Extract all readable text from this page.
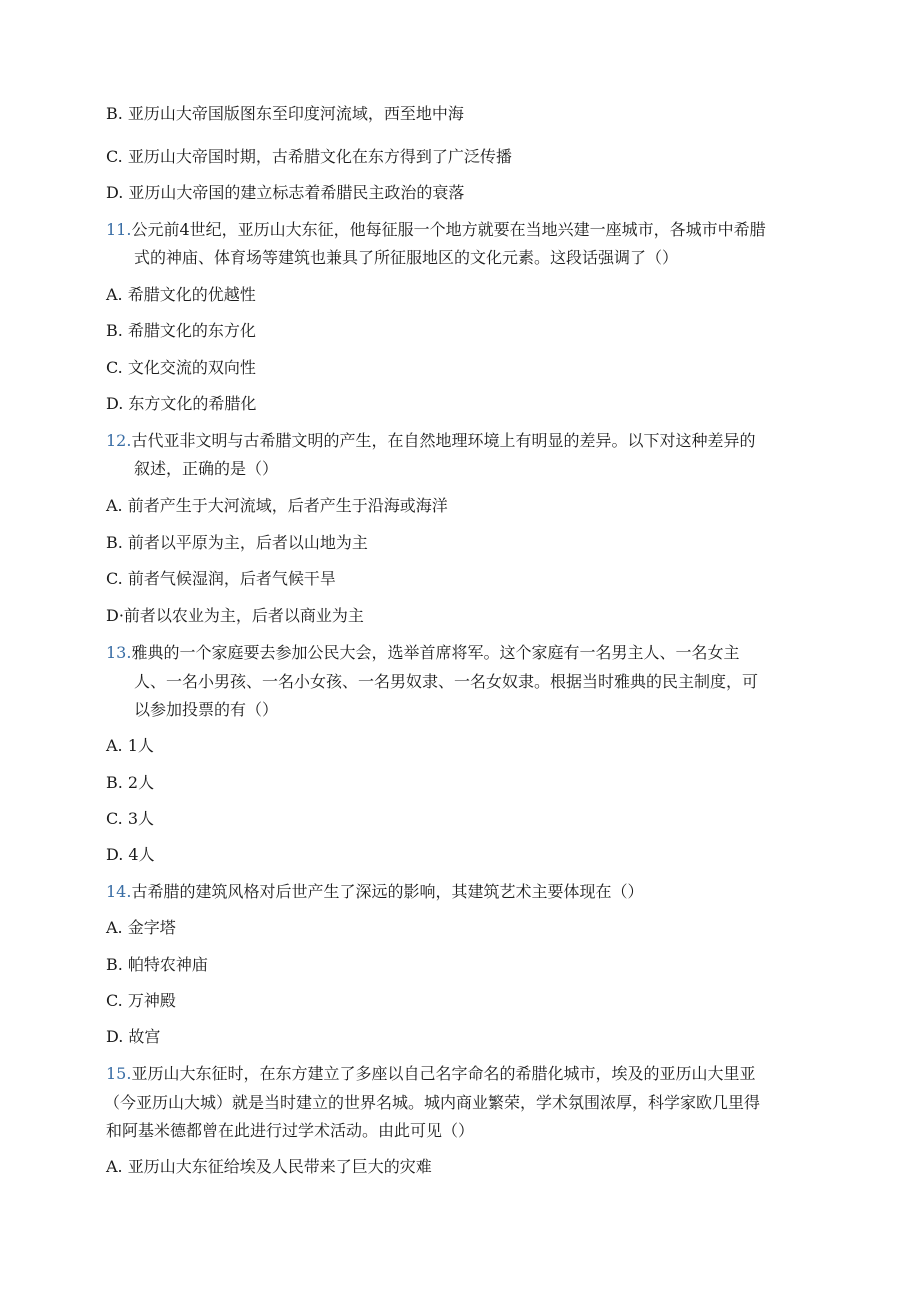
B. 亚历山大帝国版图东至印度河流域，西至地中海
C. 亚历山大帝国时期，古希腊文化在东方得到了广泛传播
D. 亚历山大帝国的建立标志着希腊民主政治的衰落
11.公元前4世纪，亚历山大东征，他每征服一个地方就要在当地兴建一座城市，各城市中希腊
式的神庙、体育场等建筑也兼具了所征服地区的文化元素。这段话强调了（）
A. 希腊文化的优越性
B. 希腊文化的东方化
C. 文化交流的双向性
D. 东方文化的希腊化
12.古代亚非文明与古希腊文明的产生，在自然地理环境上有明显的差异。以下对这种差异的
叙述，正确的是（）
A. 前者产生于大河流域，后者产生于沿海或海洋
B. 前者以平原为主，后者以山地为主
C. 前者气候湿润，后者气候干旱
D·前者以农业为主，后者以商业为主
13.雅典的一个家庭要去参加公民大会，选举首席将军。这个家庭有一名男主人、一名女主
人、一名小男孩、一名小女孩、一名男奴隶、一名女奴隶。根据当时雅典的民主制度，可
以参加投票的有（）
A. 1人
B. 2人
C. 3人
D. 4人
14.古希腊的建筑风格对后世产生了深远的影响，其建筑艺术主要体现在（）
A. 金字塔
B. 帕特农神庙
C. 万神殿
D. 故宫
15.亚历山大东征时，在东方建立了多座以自己名字命名的希腊化城市，埃及的亚历山大里亚
（今亚历山大城）就是当时建立的世界名城。城内商业繁荣，学术氛围浓厚，科学家欧几里得
和阿基米德都曾在此进行过学术活动。由此可见（）
A. 亚历山大东征给埃及人民带来了巨大的灾难
